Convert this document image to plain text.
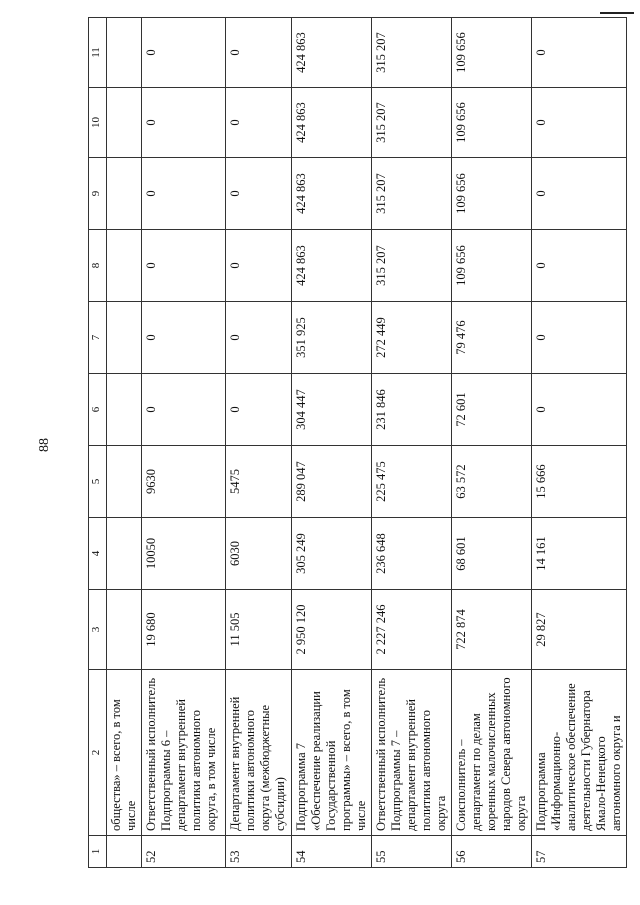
88
1	2	3	4	5	6	7	8	9	10	11
	общества» – всего, в том числе									
52	Ответственный исполнитель Подпрограммы 6 – департамент внутренней политики автономного округа, в том числе	19 680	10050	9630	0	0	0	0	0	0
53	Департамент внутренней политики автономного округа (межбюджетные субсидии)	11 505	6030	5475	0	0	0	0	0	0
54	Подпрограмма 7 «Обеспечение реализации Государственной программы» – всего, в том числе	2 950 120	305 249	289 047	304 447	351 925	424 863	424 863	424 863	424 863
55	Ответственный исполнитель Подпрограммы 7 – департамент внутренней политики автономного округа	2 227 246	236 648	225 475	231 846	272 449	315 207	315 207	315 207	315 207
56	Соисполнитель – департамент по делам коренных малочисленных народов Севера автономного округа	722 874	68 601	63 572	72 601	79 476	109 656	109 656	109 656	109 656
57	Подпрограмма «Информационно-аналитическое обеспечение деятельности Губернатора Ямало-Ненецкого автономного округа и	29 827	14 161	15 666	0	0	0	0	0	0
